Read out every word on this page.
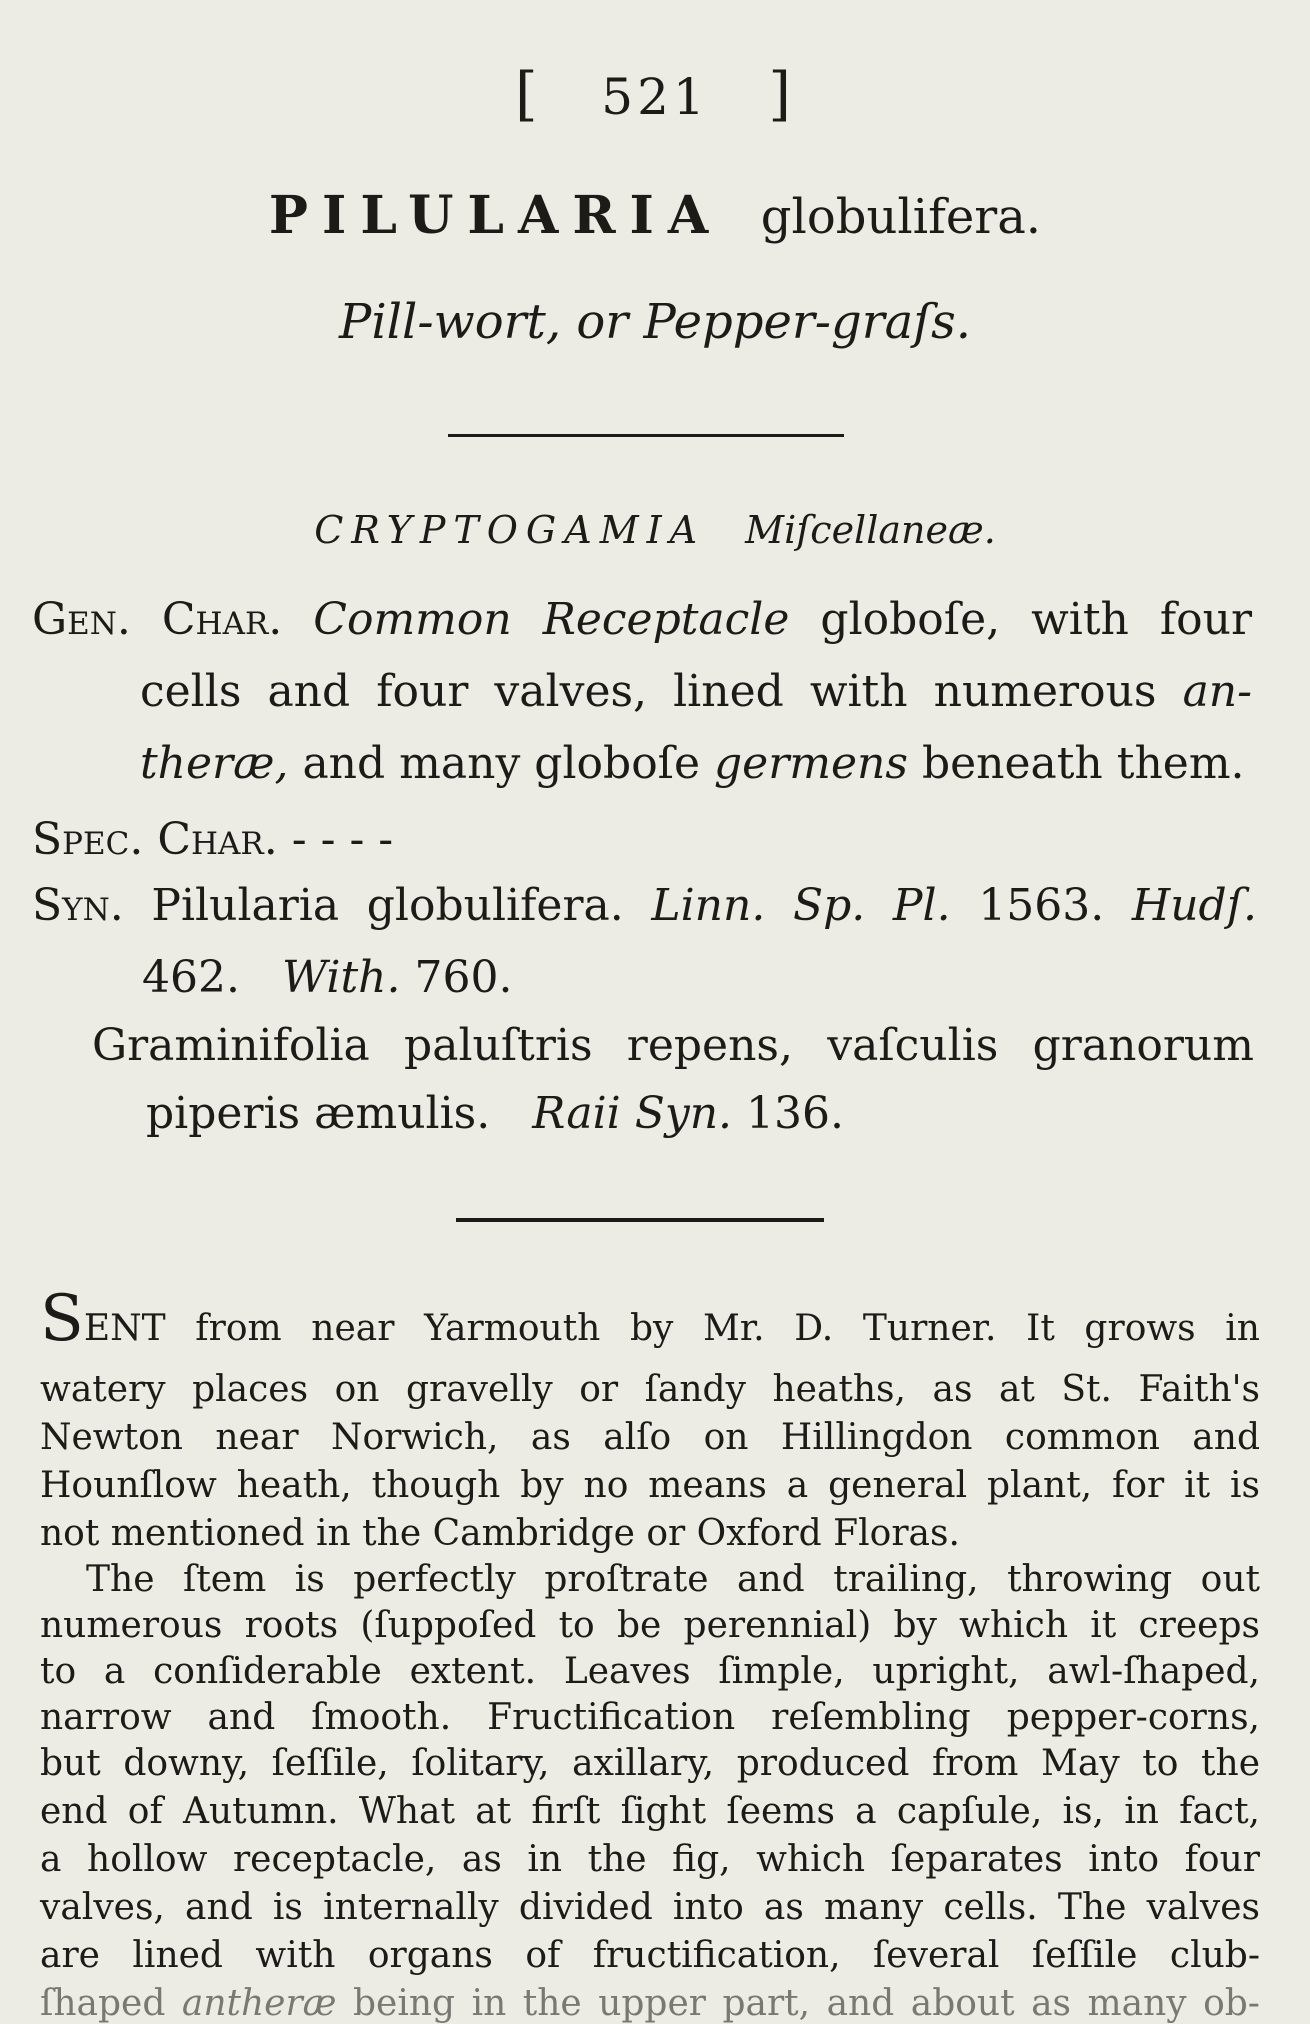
[ 521 ]
PILULARIA globulifera.
Pill-wort, or Pepper-graſs.
CRYPTOGAMIA Miſcellaneæ.
Gen. Char. Common Receptacle globoſe, with four
cells and four valves, lined with numerous an-
theræ, and many globoſe germens beneath them.
Spec. Char. - - - -
Syn. Pilularia globulifera. Linn. Sp. Pl. 1563. Hudſ.
462. With. 760.
Graminifolia paluſtris repens, vaſculis granorum
piperis æmulis. Raii Syn. 136.
SENT from near Yarmouth by Mr. D. Turner. It grows in
watery places on gravelly or ſandy heaths, as at St. Faith's
Newton near Norwich, as alſo on Hillingdon common and
Hounſlow heath, though by no means a general plant, for it is
not mentioned in the Cambridge or Oxford Floras.
The ſtem is perfectly proſtrate and trailing, throwing out
numerous roots (ſuppoſed to be perennial) by which it creeps
to a conſiderable extent. Leaves ſimple, upright, awl-ſhaped,
narrow and ſmooth. Fructification reſembling pepper-corns,
but downy, ſeſſile, ſolitary, axillary, produced from May to the
end of Autumn. What at firſt ſight ſeems a capſule, is, in fact,
a hollow receptacle, as in the fig, which ſeparates into four
valves, and is internally divided into as many cells. The valves
are lined with organs of fructification, ſeveral ſeſſile club-
ſhaped antheræ being in the upper part, and about as many ob-
